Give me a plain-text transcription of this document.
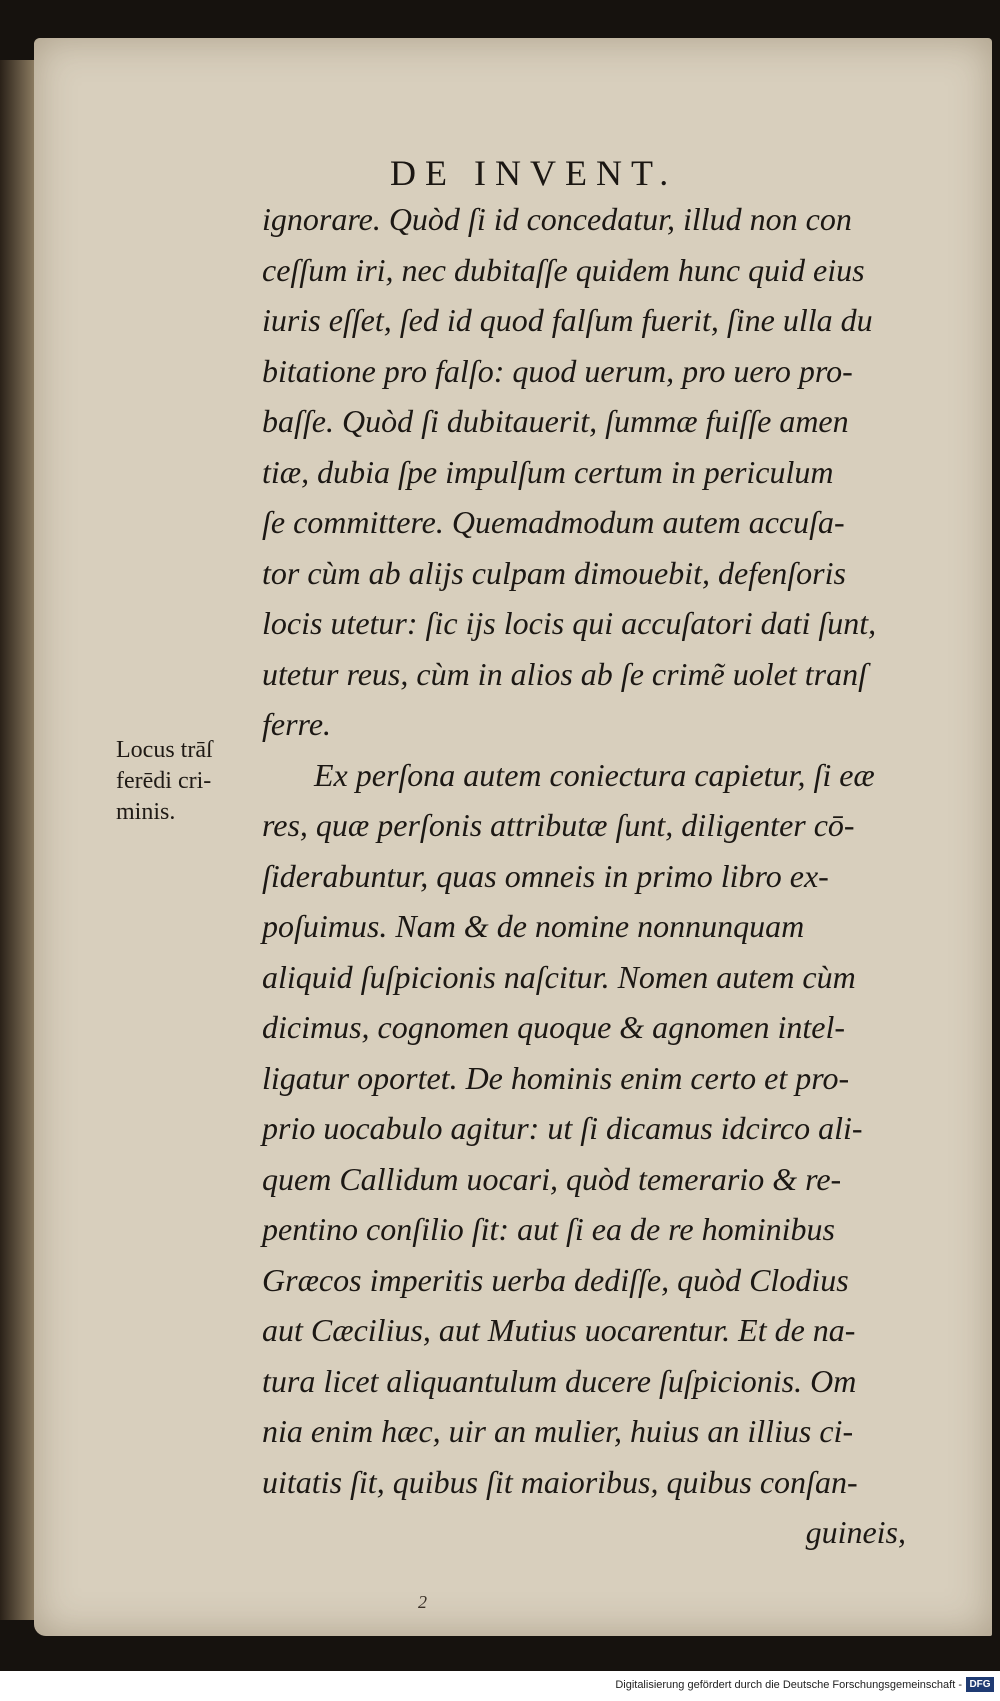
DE INVENT.
ignorare. Quòd ſi id concedatur, illud non con
ceſſum iri, nec dubitaſſe quidem hunc quid eius
iuris eſſet, ſed id quod falſum fuerit, ſine ulla du
bitatione pro falſo: quod uerum, pro uero pro-
baſſe. Quòd ſi dubitauerit, ſummæ fuiſſe amen
tiæ, dubia ſpe impulſum certum in periculum
ſe committere. Quemadmodum autem accuſa-
tor cùm ab alijs culpam dimouebit, defenſoris
locis utetur: ſic ijs locis qui accuſatori dati ſunt,
utetur reus, cùm in alios ab ſe crimẽ uolet tranſ
ferre.
Ex perſona autem coniectura capietur, ſi eæ
res, quæ perſonis attributæ ſunt, diligenter cō-
ſiderabuntur, quas omneis in primo libro ex-
poſuimus. Nam & de nomine nonnunquam
aliquid ſuſpicionis naſcitur. Nomen autem cùm
dicimus, cognomen quoque & agnomen intel-
ligatur oportet. De hominis enim certo et pro-
prio uocabulo agitur: ut ſi dicamus idcirco ali-
quem Callidum uocari, quòd temerario & re-
pentino conſilio ſit: aut ſi ea de re hominibus
Græcos imperitis uerba dediſſe, quòd Clodius
aut Cæcilius, aut Mutius uocarentur. Et de na-
tura licet aliquantulum ducere ſuſpicionis. Om
nia enim hæc, uir an mulier, huius an illius ci-
uitatis ſit, quibus ſit maioribus, quibus conſan-
guineis,
Locus trāſ
ferēdi cri-
minis.
2
Digitalisierung gefördert durch die Deutsche Forschungsgemeinschaft - DFG
